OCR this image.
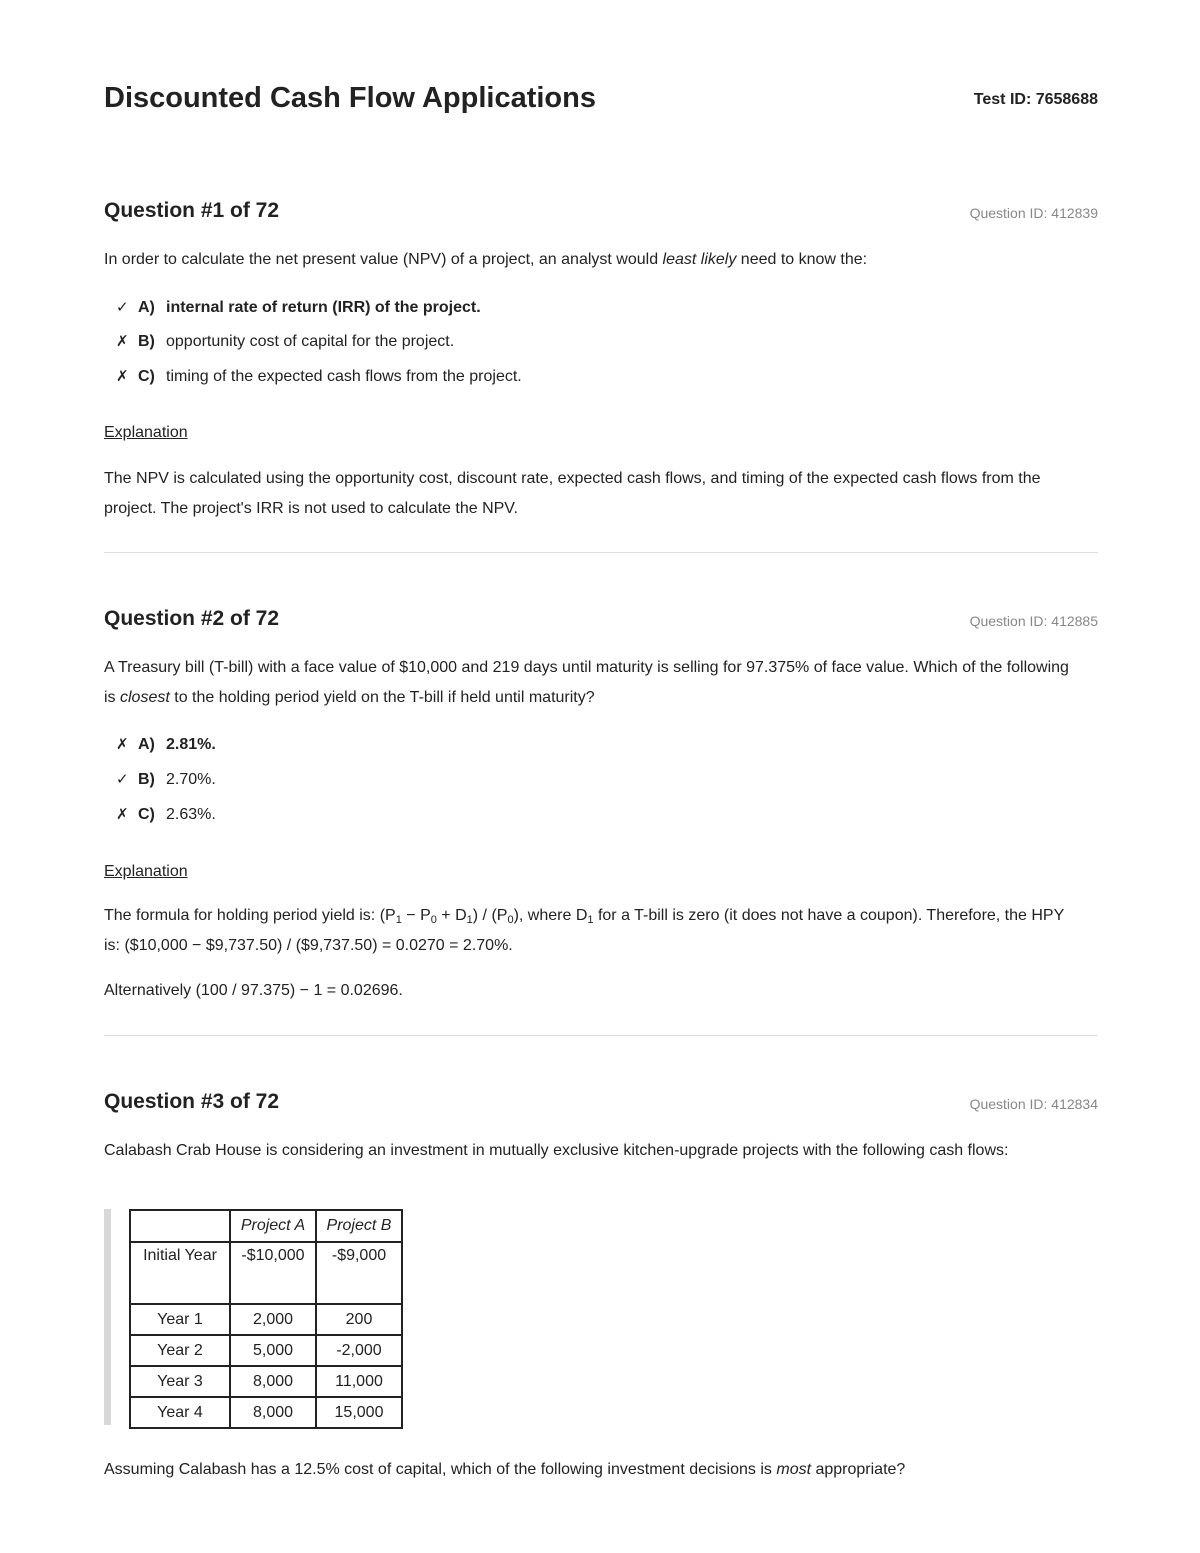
Discounted Cash Flow Applications	Test ID: 7658688
Question #1 of 72	Question ID: 412839

In order to calculate the net present value (NPV) of a project, an analyst would least likely need to know the:

✓ A) internal rate of return (IRR) of the project.
✗ B) opportunity cost of capital for the project.
✗ C) timing of the expected cash flows from the project.
Explanation

The NPV is calculated using the opportunity cost, discount rate, expected cash flows, and timing of the expected cash flows from the project. The project's IRR is not used to calculate the NPV.

Question #2 of 72	Question ID: 412885

A Treasury bill (T-bill) with a face value of $10,000 and 219 days until maturity is selling for 97.375% of face value. Which of the following is closest to the holding period yield on the T-bill if held until maturity?

✗ A) 2.81%.
✓ B) 2.70%.
✗ C) 2.63%.
Explanation

The formula for holding period yield is: $(P_1 - P_0 + D_1) / (P_0)$, where $D_1$ for a T-bill is zero (it does not have a coupon). Therefore, the HPY is: ($10,000 − $9,737.50) / ($9,737.50) = 0.0270 = 2.70%.

Alternatively (100 / 97.375) − 1 = 0.02696.

Question #3 of 72	Question ID: 412834

Calabash Crab House is considering an investment in mutually exclusive kitchen-upgrade projects with the following cash flows:

	Project A	Project B
Initial Year	-$10,000	-$9,000
Year 1	2,000	200
Year 2	5,000	-2,000
Year 3	8,000	11,000
Year 4	8,000	15,000

Assuming Calabash has a 12.5% cost of capital, which of the following investment decisions is most appropriate?
